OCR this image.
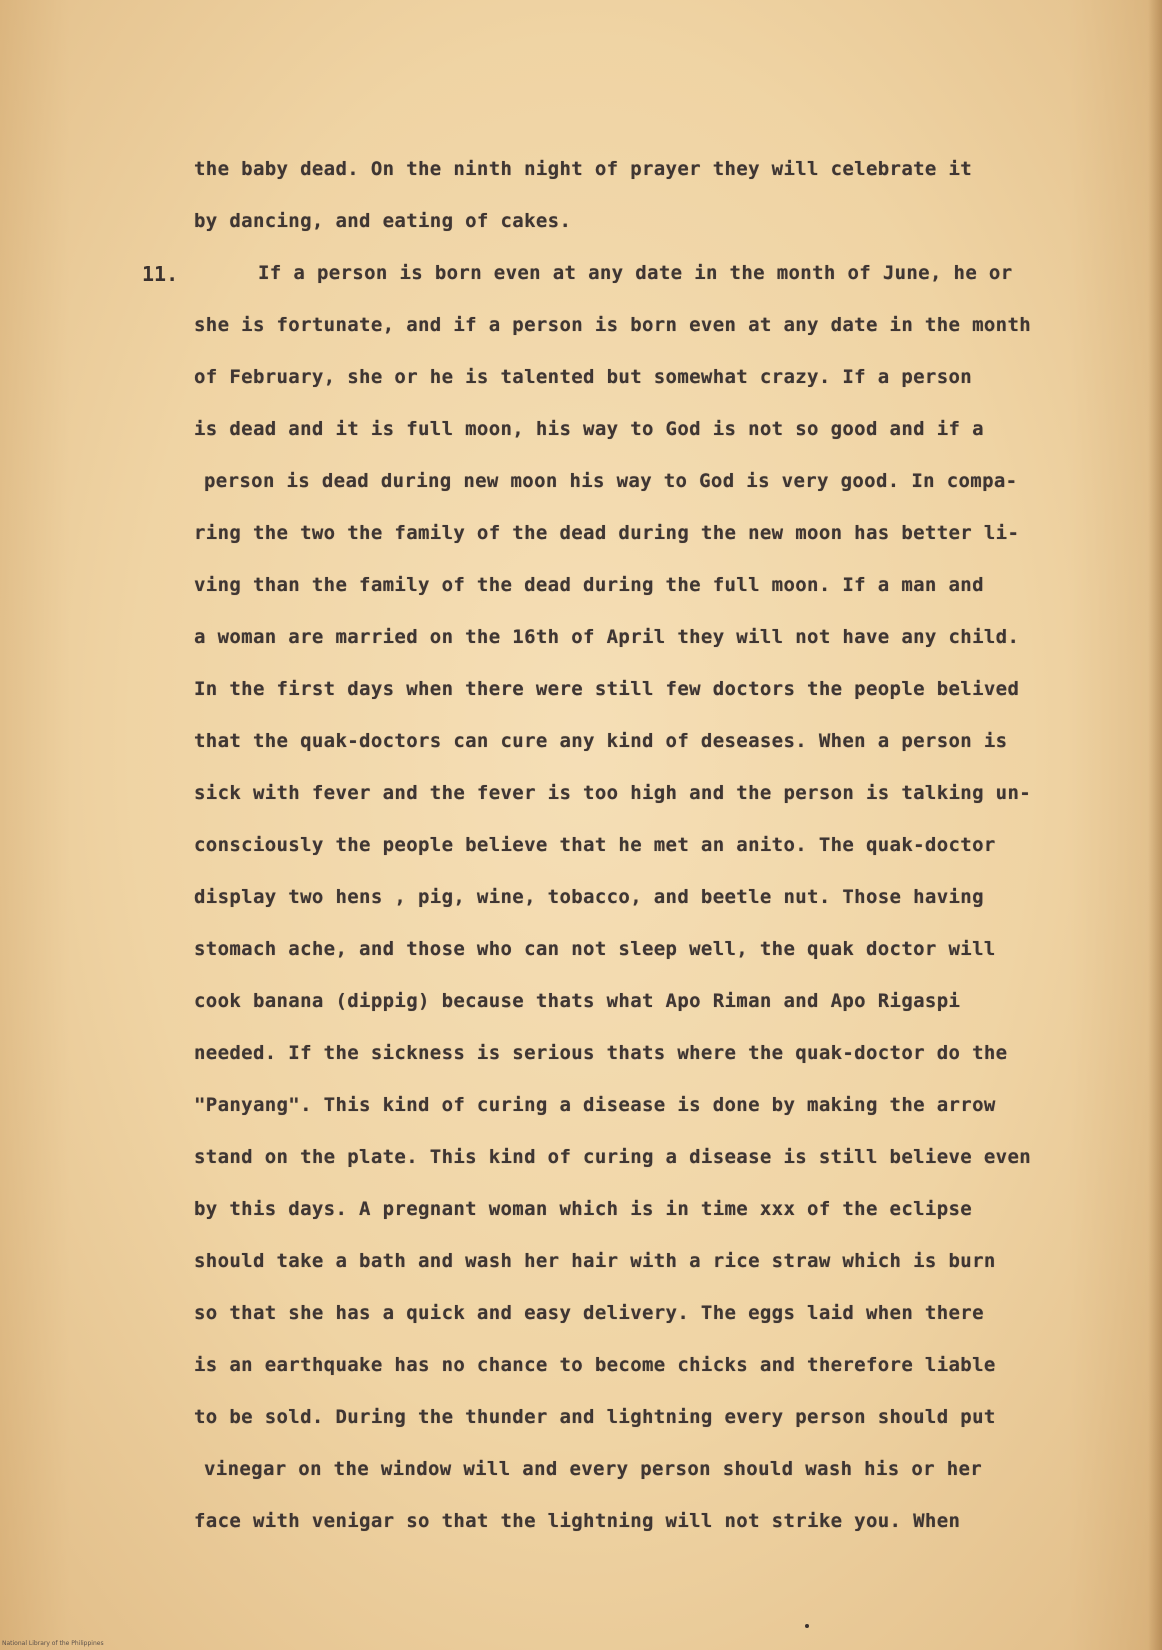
11.
the baby dead. On the ninth night of prayer they will celebrate it
by dancing, and eating of cakes.
If a person is born even at any date in the month of June, he or
she is fortunate, and if a person is born even at any date in the month
of February, she or he is talented but somewhat crazy. If a person
is dead and it is full moon, his way to God is not so good and if a
person is dead during new moon his way to God is very good. In compa-
ring the two the family of the dead during the new moon has better li-
ving than the family of the dead during the full moon. If a man and
a woman are married on the 16th of April they will not have any child.
In the first days when there were still few doctors the people belived
that the quak-doctors can cure any kind of deseases. When a person is
sick with fever and the fever is too high and the person is talking un-
consciously the people believe that he met an anito. The quak-doctor
display two hens , pig, wine, tobacco, and beetle nut. Those having
stomach ache, and those who can not sleep well, the quak doctor will
cook banana (dippig) because thats what Apo Riman and Apo Rigaspi
needed. If the sickness is serious thats where the quak-doctor do the
"Panyang". This kind of curing a disease is done by making the arrow
stand on the plate. This kind of curing a disease is still believe even
by this days. A pregnant woman which is in time xxx of the eclipse
should take a bath and wash her hair with a rice straw which is burn
so that she has a quick and easy delivery. The eggs laid when there
is an earthquake has no chance to become chicks and therefore liable
to be sold. During the thunder and lightning every person should put
vinegar on the window will and every person should wash his or her
face with venigar so that the lightning will not strike you. When
National Library of the Philippines
